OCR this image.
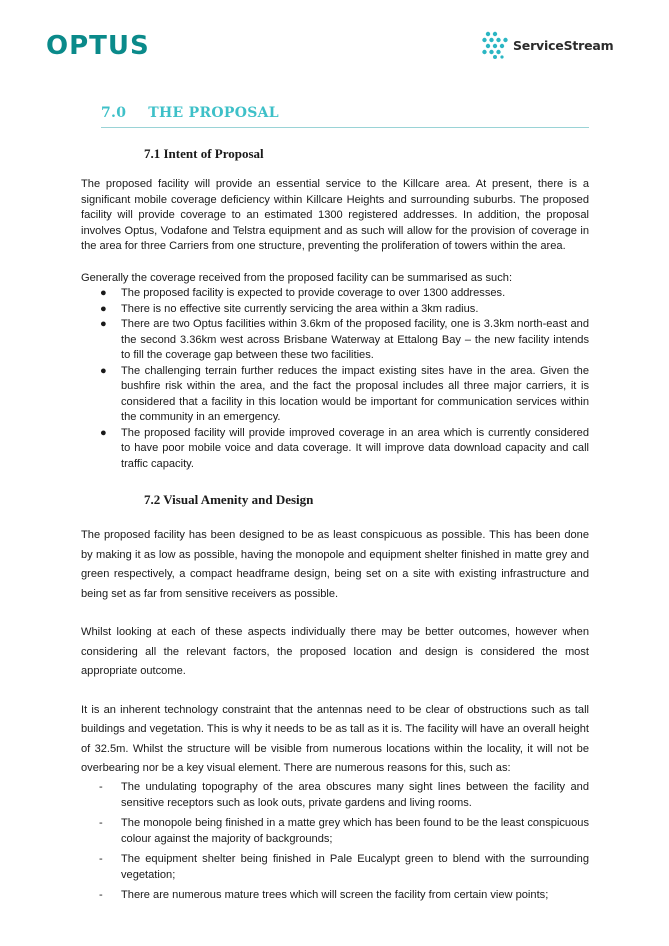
OPTUS	ServiceStream
7.0 THE PROPOSAL
7.1 Intent of Proposal

The proposed facility will provide an essential service to the Killcare area. At present, there is a significant mobile coverage deficiency within Killcare Heights and surrounding suburbs. The proposed facility will provide coverage to an estimated 1300 registered addresses. In addition, the proposal involves Optus, Vodafone and Telstra equipment and as such will allow for the provision of coverage in the area for three Carriers from one structure, preventing the proliferation of towers within the area.

Generally the coverage received from the proposed facility can be summarised as such:

● The proposed facility is expected to provide coverage to over 1300 addresses.
● There is no effective site currently servicing the area within a 3km radius.
● There are two Optus facilities within 3.6km of the proposed facility, one is 3.3km north-east and the second 3.36km west across Brisbane Waterway at Ettalong Bay – the new facility intends to fill the coverage gap between these two facilities.
● The challenging terrain further reduces the impact existing sites have in the area. Given the bushfire risk within the area, and the fact the proposal includes all three major carriers, it is considered that a facility in this location would be important for communication services within the community in an emergency.
● The proposed facility will provide improved coverage in an area which is currently considered to have poor mobile voice and data coverage. It will improve data download capacity and call traffic capacity.
7.2 Visual Amenity and Design

The proposed facility has been designed to be as least conspicuous as possible. This has been done by making it as low as possible, having the monopole and equipment shelter finished in matte grey and green respectively, a compact headframe design, being set on a site with existing infrastructure and being set as far from sensitive receivers as possible.

Whilst looking at each of these aspects individually there may be better outcomes, however when considering all the relevant factors, the proposed location and design is considered the most appropriate outcome.

It is an inherent technology constraint that the antennas need to be clear of obstructions such as tall buildings and vegetation. This is why it needs to be as tall as it is. The facility will have an overall height of 32.5m. Whilst the structure will be visible from numerous locations within the locality, it will not be overbearing nor be a key visual element. There are numerous reasons for this, such as:

- The undulating topography of the area obscures many sight lines between the facility and sensitive receptors such as look outs, private gardens and living rooms.
- The monopole being finished in a matte grey which has been found to be the least conspicuous colour against the majority of backgrounds;
- The equipment shelter being finished in Pale Eucalypt green to blend with the surrounding vegetation;
- There are numerous mature trees which will screen the facility from certain view points;
